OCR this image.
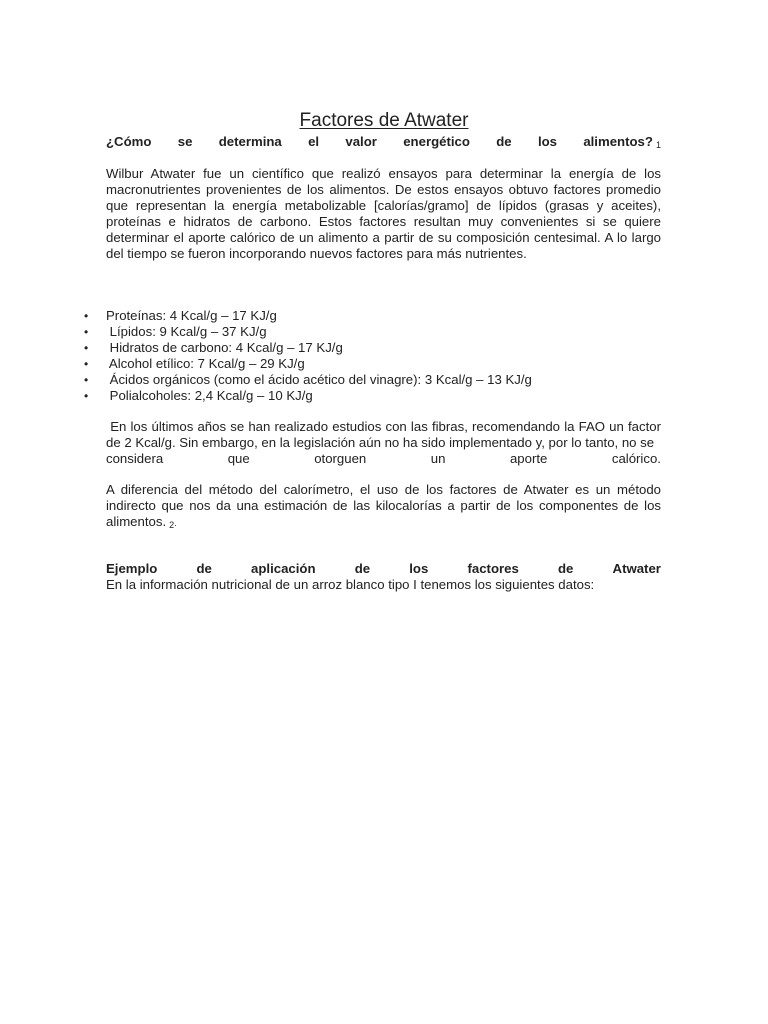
Factores de Atwater
¿Cómo se determina el valor energético de los alimentos? 1
Wilbur Atwater fue un científico que realizó ensayos para determinar la energía de los macronutrientes provenientes de los alimentos. De estos ensayos obtuvo factores promedio que representan la energía metabolizable [calorías/gramo] de lípidos (grasas y aceites), proteínas e hidratos de carbono. Estos factores resultan muy convenientes si se quiere determinar el aporte calórico de un alimento a partir de su composición centesimal. A lo largo del tiempo se fueron incorporando nuevos factores para más nutrientes.
• Proteínas: 4 Kcal/g – 17 KJ/g
• Lípidos: 9 Kcal/g – 37 KJ/g
• Hidratos de carbono: 4 Kcal/g – 17 KJ/g
• Alcohol etílico: 7 Kcal/g – 29 KJ/g
• Ácidos orgánicos (como el ácido acético del vinagre): 3 Kcal/g – 13 KJ/g
• Polialcoholes: 2,4 Kcal/g – 10 KJ/g
En los últimos años se han realizado estudios con las fibras, recomendando la FAO un factor de 2 Kcal/g. Sin embargo, en la legislación aún no ha sido implementado y, por lo tanto, no se
considera	que	otorguen	un	aporte	calórico.
A diferencia del método del calorímetro, el uso de los factores de Atwater es un método indirecto que nos da una estimación de las kilocalorías a partir de los componentes de los alimentos. 2.
Ejemplo	de	aplicación	de	los	factores	de	Atwater
En la información nutricional de un arroz blanco tipo I tenemos los siguientes datos:
